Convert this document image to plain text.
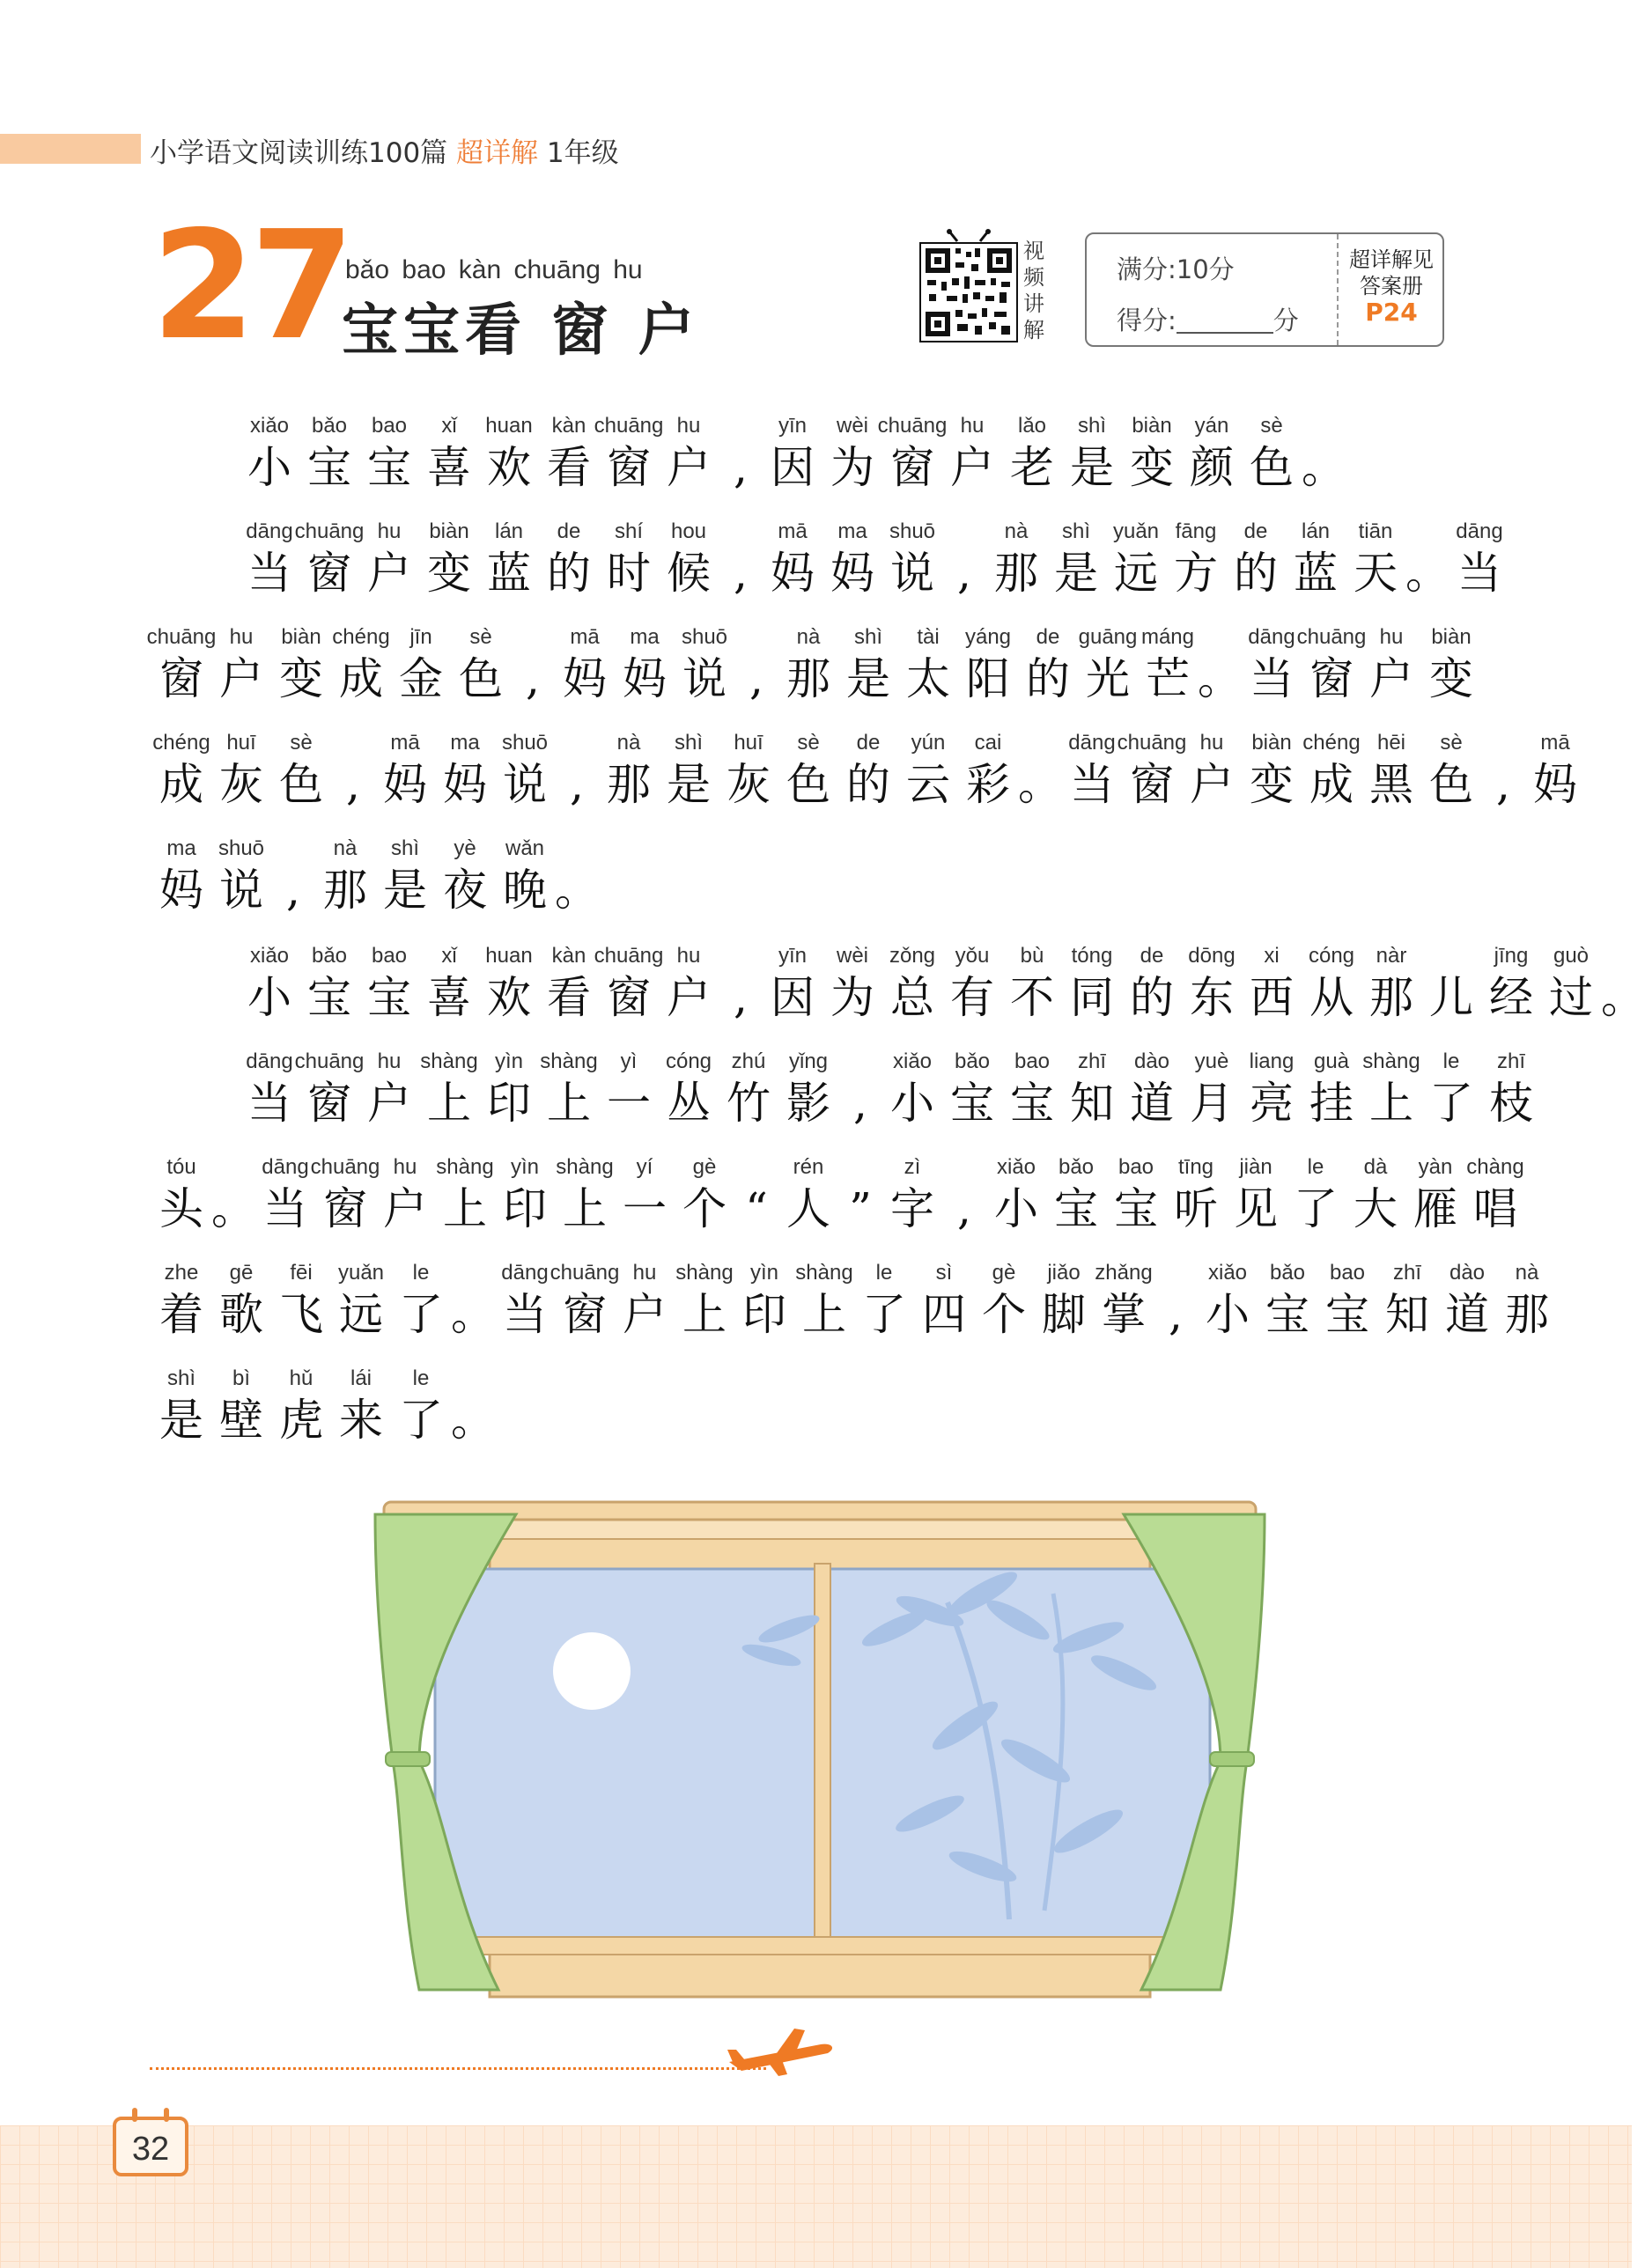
小学语文阅读训练100篇 超详解 1年级
27
bǎo bao kàn chuāng hu
宝宝看 窗 户
视
频
讲
解
满分:10分
得分:	分
超详解见
答案册
P24
xiǎo
小
bǎo
宝
bao
宝
xǐ
喜
huan
欢
kàn
看
chuāng
窗
hu
户 ,
yīn
因
wèi
为
chuāng
窗
hu
户
lǎo
老
shì
是
biàn
变
yán
颜
sè
色 。
dāng
当
chuāng
窗
hu
户
biàn
变
lán
蓝
de
的
shí
时
hou
候 ,
mā
妈
ma
妈
shuō
说 ,
nà
那
shì
是
yuǎn
远
fāng
方
de
的
lán
蓝
tiān
天 。
dāng
当
chuāng
窗
hu
户
biàn
变
chéng
成
jīn
金
sè
色 ,
mā
妈
ma
妈
shuō
说 ,
nà
那
shì
是
tài
太
yáng
阳
de
的
guāng
光
máng
芒 。
dāng
当
chuāng
窗
hu
户
biàn
变
chéng
成
huī
灰
sè
色 ,
mā
妈
ma
妈
shuō
说 ,
nà
那
shì
是
huī
灰
sè
色
de
的
yún
云
cai
彩 。
dāng
当
chuāng
窗
hu
户
biàn
变
chéng
成
hēi
黑
sè
色 ,
mā
妈
ma
妈
shuō
说 ,
nà
那
shì
是
yè
夜
wǎn
晚 。
xiǎo
小
bǎo
宝
bao
宝
xǐ
喜
huan
欢
kàn
看
chuāng
窗
hu
户 ,
yīn
因
wèi
为
zǒng
总
yǒu
有
bù
不
tóng
同
de
的
dōng
东
xi
西
cóng
从
nàr
那 儿
jīng
经
guò
过 。
dāng
当
chuāng
窗
hu
户
shàng
上
yìn
印
shàng
上
yì
一
cóng
丛
zhú
竹
yǐng
影 ,
xiǎo
小
bǎo
宝
bao
宝
zhī
知
dào
道
yuè
月
liang
亮
guà
挂
shàng
上
le
了
zhī
枝
tóu
头 。
dāng
当
chuāng
窗
hu
户
shàng
上
yìn
印
shàng
上
yí
一
gè
个 “
rén
人 ”
zì
字 ,
xiǎo
小
bǎo
宝
bao
宝
tīng
听
jiàn
见
le
了
dà
大
yàn
雁
chàng
唱
zhe
着
gē
歌
fēi
飞
yuǎn
远
le
了 。
dāng
当
chuāng
窗
hu
户
shàng
上
yìn
印
shàng
上
le
了
sì
四
gè
个
jiǎo
脚
zhǎng
掌 ,
xiǎo
小
bǎo
宝
bao
宝
zhī
知
dào
道
nà
那
shì
是
bì
壁
hǔ
虎
lái
来
le
了 。
32
